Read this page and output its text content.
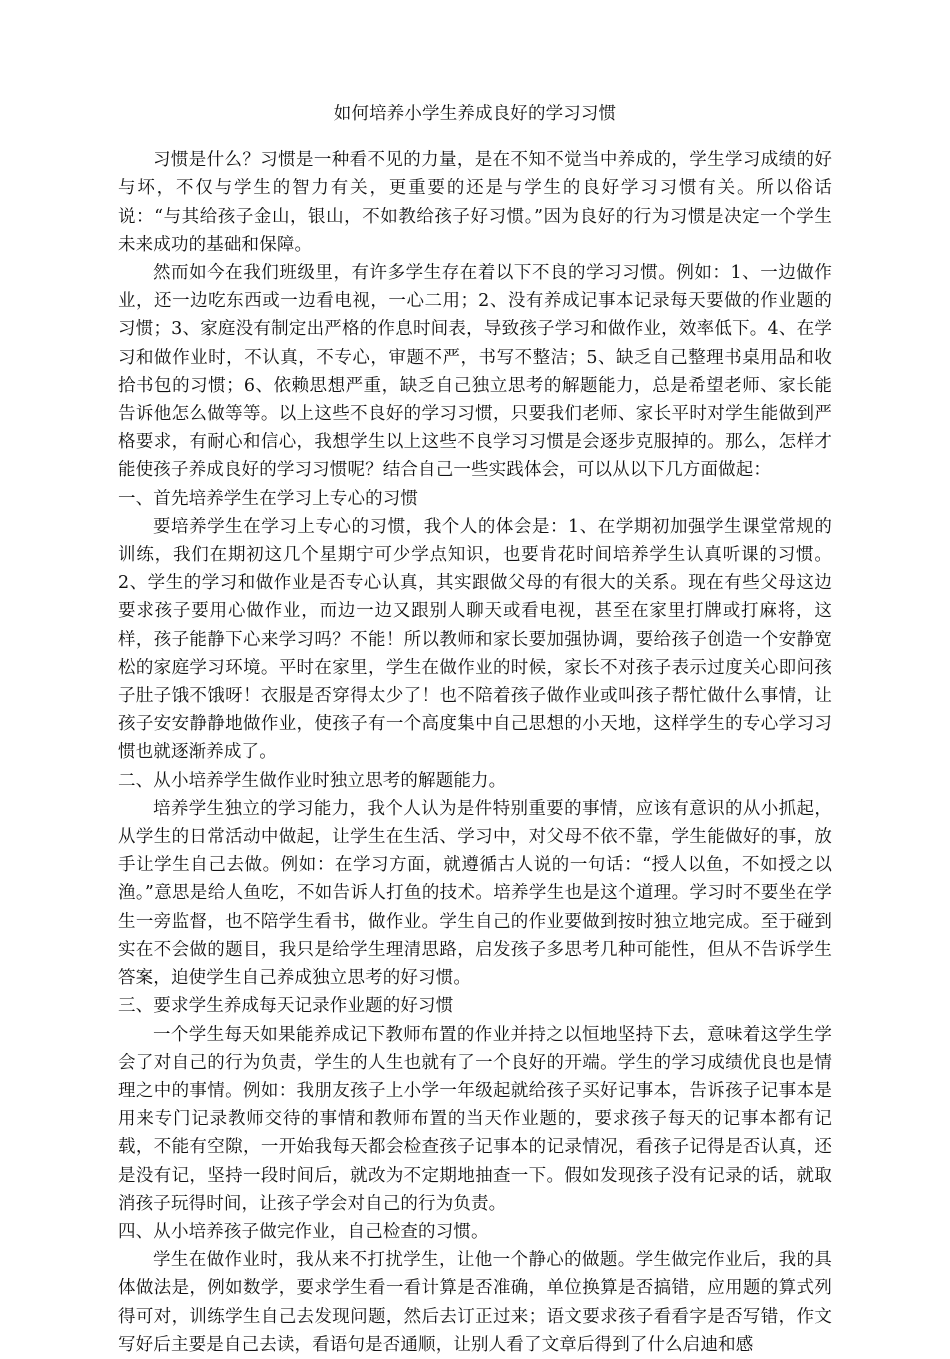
如何培养小学生养成良好的学习习惯

习惯是什么？习惯是一种看不见的力量，是在不知不觉当中养成的，学生学习成绩的好与坏，不仅与学生的智力有关，更重要的还是与学生的良好学习习惯有关。所以俗话说：“与其给孩子金山，银山，不如教给孩子好习惯。”因为良好的行为习惯是决定一个学生未来成功的基础和保障。

然而如今在我们班级里，有许多学生存在着以下不良的学习习惯。例如：1、一边做作业，还一边吃东西或一边看电视，一心二用；2、没有养成记事本记录每天要做的作业题的习惯；3、家庭没有制定出严格的作息时间表，导致孩子学习和做作业，效率低下。4、在学习和做作业时，不认真，不专心，审题不严，书写不整洁；5、缺乏自己整理书桌用品和收拾书包的习惯；6、依赖思想严重，缺乏自己独立思考的解题能力，总是希望老师、家长能告诉他怎么做等等。以上这些不良好的学习习惯，只要我们老师、家长平时对学生能做到严格要求，有耐心和信心，我想学生以上这些不良学习习惯是会逐步克服掉的。那么，怎样才能使孩子养成良好的学习习惯呢？结合自己一些实践体会，可以从以下几方面做起：

一、首先培养学生在学习上专心的习惯

要培养学生在学习上专心的习惯，我个人的体会是：1、在学期初加强学生课堂常规的训练，我们在期初这几个星期宁可少学点知识，也要肯花时间培养学生认真听课的习惯。2、学生的学习和做作业是否专心认真，其实跟做父母的有很大的关系。现在有些父母这边要求孩子要用心做作业，而边一边又跟别人聊天或看电视，甚至在家里打牌或打麻将，这样，孩子能静下心来学习吗？不能！所以教师和家长要加强协调，要给孩子创造一个安静宽松的家庭学习环境。平时在家里，学生在做作业的时候，家长不对孩子表示过度关心即问孩子肚子饿不饿呀！衣服是否穿得太少了！也不陪着孩子做作业或叫孩子帮忙做什么事情，让孩子安安静静地做作业，使孩子有一个高度集中自己思想的小天地，这样学生的专心学习习惯也就逐渐养成了。

二、从小培养学生做作业时独立思考的解题能力。

培养学生独立的学习能力，我个人认为是件特别重要的事情，应该有意识的从小抓起，从学生的日常活动中做起，让学生在生活、学习中，对父母不依不靠，学生能做好的事，放手让学生自己去做。例如：在学习方面，就遵循古人说的一句话：“授人以鱼，不如授之以渔。”意思是给人鱼吃，不如告诉人打鱼的技术。培养学生也是这个道理。学习时不要坐在学生一旁监督，也不陪学生看书，做作业。学生自己的作业要做到按时独立地完成。至于碰到实在不会做的题目，我只是给学生理清思路，启发孩子多思考几种可能性，但从不告诉学生答案，迫使学生自己养成独立思考的好习惯。

三、要求学生养成每天记录作业题的好习惯

一个学生每天如果能养成记下教师布置的作业并持之以恒地坚持下去，意味着这学生学会了对自己的行为负责，学生的人生也就有了一个良好的开端。学生的学习成绩优良也是情理之中的事情。例如：我朋友孩子上小学一年级起就给孩子买好记事本，告诉孩子记事本是用来专门记录教师交待的事情和教师布置的当天作业题的，要求孩子每天的记事本都有记载，不能有空隙，一开始我每天都会检查孩子记事本的记录情况，看孩子记得是否认真，还是没有记，坚持一段时间后，就改为不定期地抽查一下。假如发现孩子没有记录的话，就取消孩子玩得时间，让孩子学会对自己的行为负责。

四、从小培养孩子做完作业，自己检查的习惯。

学生在做作业时，我从来不打扰学生，让他一个静心的做题。学生做完作业后，我的具体做法是，例如数学，要求学生看一看计算是否准确，单位换算是否搞错，应用题的算式列得可对，训练学生自己去发现问题，然后去订正过来；语文要求孩子看看字是否写错，作文写好后主要是自己去读，看语句是否通顺，让别人看了文章后得到了什么启迪和感
